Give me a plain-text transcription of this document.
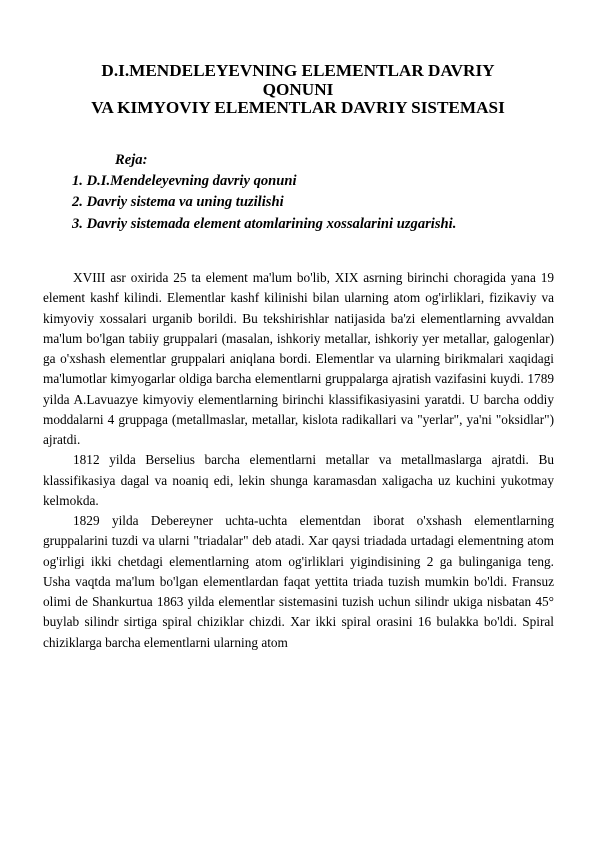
D.I.MENDELEYEVNING ELEMENTLAR DAVRIY
QONUNI
VA KIMYOVIY ELEMENTLAR DAVRIY SISTEMASI
Reja:
1. D.I.Mendeleyevning davriy qonuni
2. Davriy sistema va uning tuzilishi
3. Davriy sistemada element atomlarining xossalarini uzgarishi.

XVIII asr oxirida 25 ta element ma'lum bo'lib, XIX asrning birinchi choragida yana 19 element kashf kilindi. Elementlar kashf kilinishi bilan ularning atom og'irliklari, fizikaviy va kimyoviy xossalari urganib borildi. Bu tekshirishlar natijasida ba'zi elementlarning avvaldan ma'lum bo'lgan tabiiy gruppalari (masalan, ishkoriy metallar, ishkoriy yer metallar, galogenlar) ga o'xshash elementlar gruppalari aniqlana bordi. Elementlar va ularning birikmalari xaqidagi ma'lumotlar kimyogarlar oldiga barcha elementlarni gruppalarga ajratish vazifasini kuydi. 1789 yilda A.Lavuazye kimyoviy elementlarning birinchi klassifikasiyasini yaratdi. U barcha oddiy moddalarni 4 gruppaga (metallmaslar, metallar, kislota radikallari va "yerlar", ya'ni "oksidlar") ajratdi.

1812 yilda Berselius barcha elementlarni metallar va metallmaslarga ajratdi. Bu klassifikasiya dagal va noaniq edi, lekin shunga karamasdan xaligacha uz kuchini yukotmay kelmokda.

1829 yilda Debereyner uchta-uchta elementdan iborat o'xshash elementlarning gruppalarini tuzdi va ularni "triadalar" deb atadi. Xar qaysi triadada urtadagi elementning atom og'irligi ikki chetdagi elementlarning atom og'irliklari yigindisining 2 ga bulinganiga teng. Usha vaqtda ma'lum bo'lgan elementlardan faqat yettita triada tuzish mumkin bo'ldi. Fransuz olimi de Shankurtua 1863 yilda elementlar sistemasini tuzish uchun silindr ukiga nisbatan 45° buylab silindr sirtiga spiral chiziklar chizdi. Xar ikki spiral orasini 16 bulakka bo'ldi. Spiral chiziklarga barcha elementlarni ularning atom
